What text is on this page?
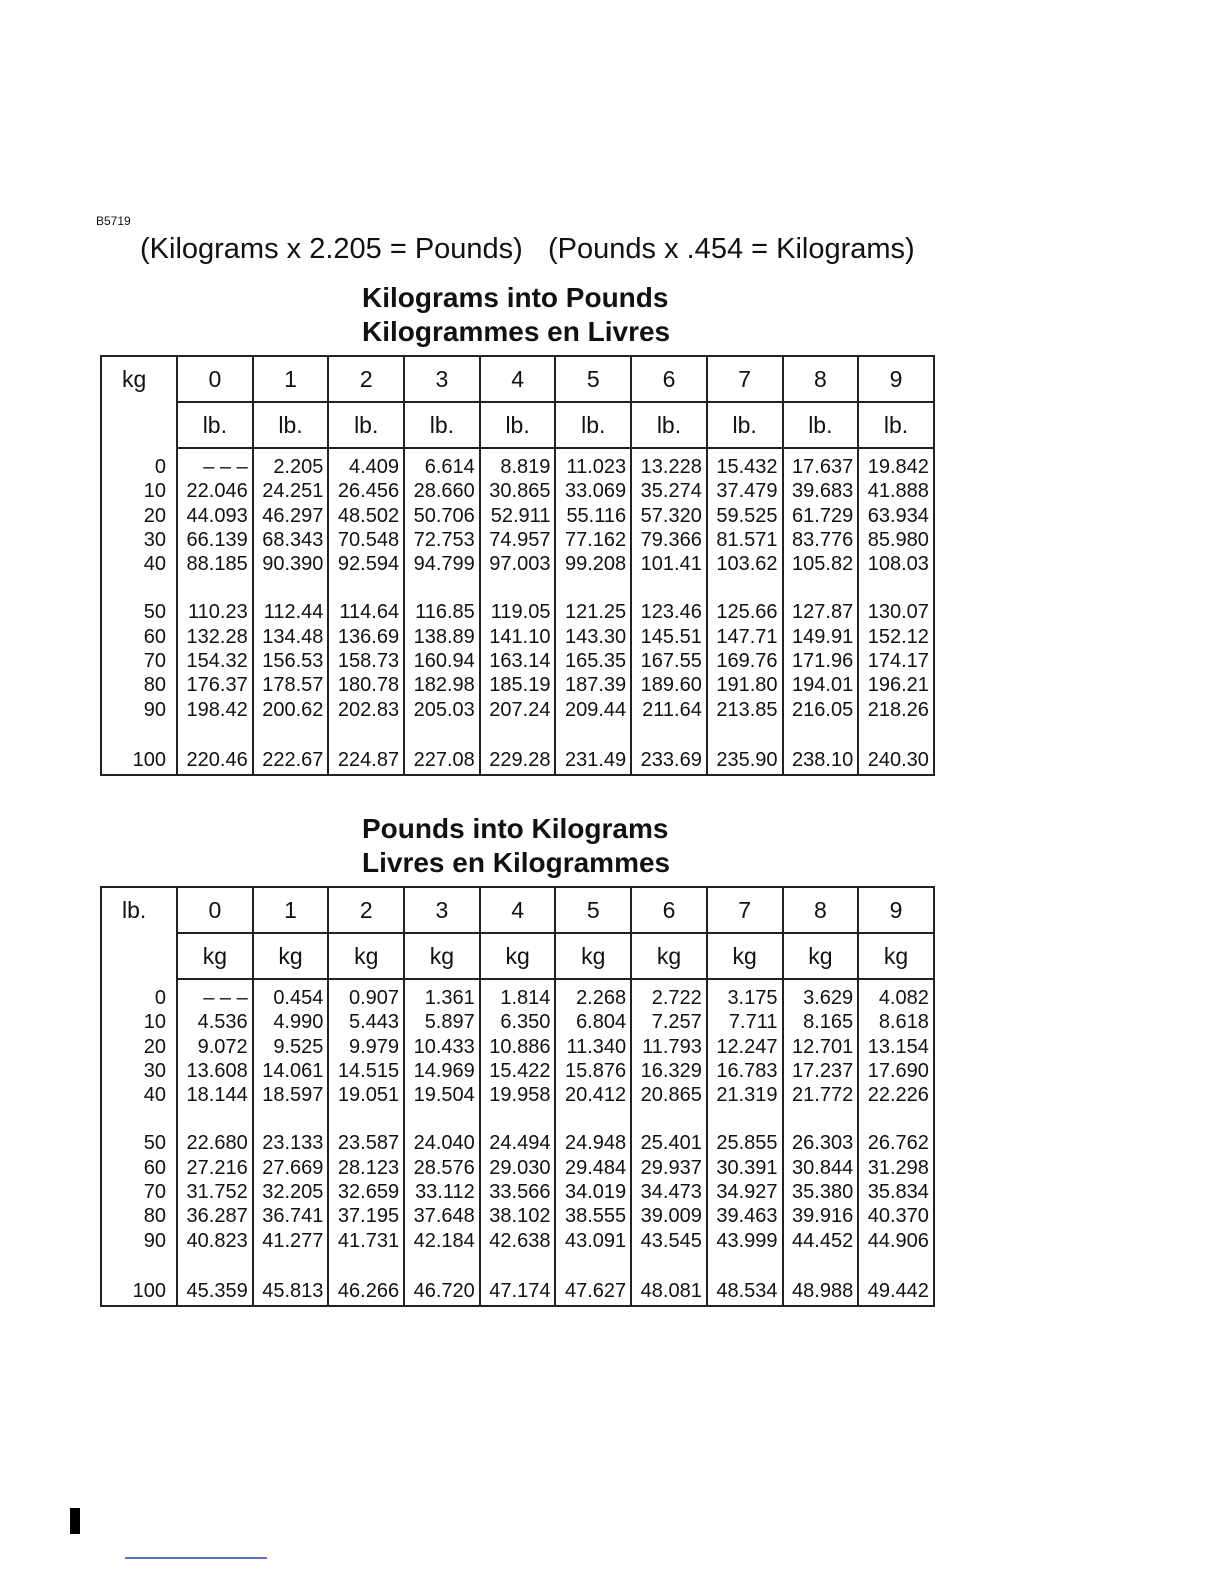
B5719
(Kilograms x 2.205 = Pounds) (Pounds x .454 = Kilograms)
Kilograms into Pounds
Kilogrammes en Livres
kg	0	1	2	3	4	5	6	7	8	9
	lb.	lb.	lb.	lb.	lb.	lb.	lb.	lb.	lb.	lb.

0	– – –	2.205	4.409	6.614	8.819	11.023	13.228	15.432	17.637	19.842
10	22.046	24.251	26.456	28.660	30.865	33.069	35.274	37.479	39.683	41.888
20	44.093	46.297	48.502	50.706	52.911	55.116	57.320	59.525	61.729	63.934
30	66.139	68.343	70.548	72.753	74.957	77.162	79.366	81.571	83.776	85.980
40	88.185	90.390	92.594	94.799	97.003	99.208	101.41	103.62	105.82	108.03

50	110.23	112.44	114.64	116.85	119.05	121.25	123.46	125.66	127.87	130.07
60	132.28	134.48	136.69	138.89	141.10	143.30	145.51	147.71	149.91	152.12
70	154.32	156.53	158.73	160.94	163.14	165.35	167.55	169.76	171.96	174.17
80	176.37	178.57	180.78	182.98	185.19	187.39	189.60	191.80	194.01	196.21
90	198.42	200.62	202.83	205.03	207.24	209.44	211.64	213.85	216.05	218.26

100	220.46	222.67	224.87	227.08	229.28	231.49	233.69	235.90	238.10	240.30
Pounds into Kilograms
Livres en Kilogrammes
lb.	0	1	2	3	4	5	6	7	8	9
	kg	kg	kg	kg	kg	kg	kg	kg	kg	kg

0	– – –	0.454	0.907	1.361	1.814	2.268	2.722	3.175	3.629	4.082
10	4.536	4.990	5.443	5.897	6.350	6.804	7.257	7.711	8.165	8.618
20	9.072	9.525	9.979	10.433	10.886	11.340	11.793	12.247	12.701	13.154
30	13.608	14.061	14.515	14.969	15.422	15.876	16.329	16.783	17.237	17.690
40	18.144	18.597	19.051	19.504	19.958	20.412	20.865	21.319	21.772	22.226

50	22.680	23.133	23.587	24.040	24.494	24.948	25.401	25.855	26.303	26.762
60	27.216	27.669	28.123	28.576	29.030	29.484	29.937	30.391	30.844	31.298
70	31.752	32.205	32.659	33.112	33.566	34.019	34.473	34.927	35.380	35.834
80	36.287	36.741	37.195	37.648	38.102	38.555	39.009	39.463	39.916	40.370
90	40.823	41.277	41.731	42.184	42.638	43.091	43.545	43.999	44.452	44.906

100	45.359	45.813	46.266	46.720	47.174	47.627	48.081	48.534	48.988	49.442
